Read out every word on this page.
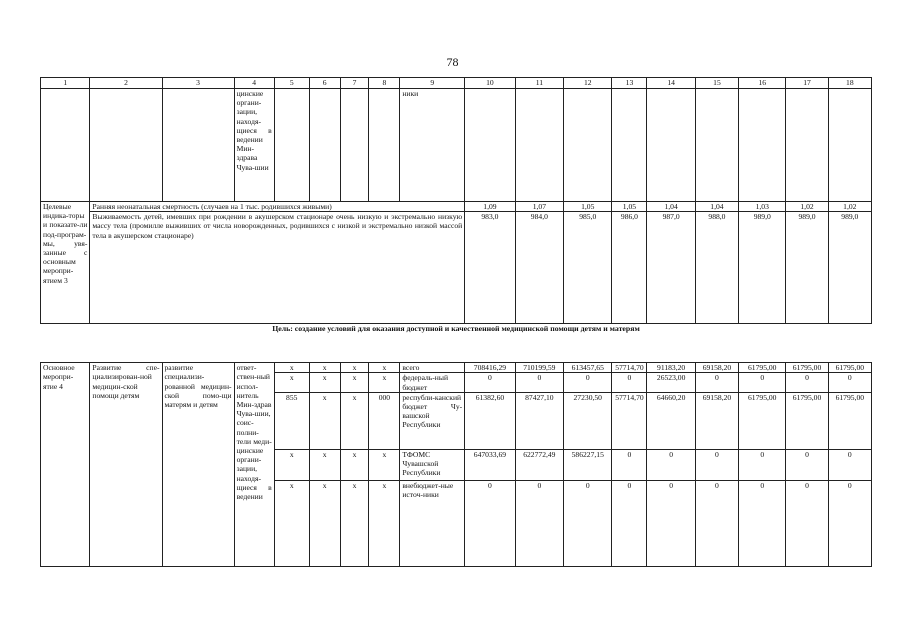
78
1	2	3	4	5	6	7	8	9	10	11	12	13	14	15	16	17	18
			цинские органи-зации, находя-щиеся в ведении Мин-здрава Чува-шии					ники									
Целевые индика-торы и показате-ли под-програм-мы, увя-занные с основным меропри-ятием 3	Ранняя неонатальная смертность (случаев на 1 тыс. родившихся живыми)								1,09	1,07	1,05	1,05	1,04	1,04	1,03	1,02	1,02
	Выживаемость детей, имевших при рождении в акушерском стационаре очень низкую и экстремально низкую массу тела (промилле выживших от числа новорожденных, родившихся с низкой и экстремально низкой массой тела в акушерском стационаре)								983,0	984,0	985,0	986,0	987,0	988,0	989,0	989,0	989,0
Цель: создание условий для оказания доступной и качественной медицинской помощи детям и матерям																	
Основное меропри-ятие 4	Развитие спе-циализирован-ной медицин-ской помощи детям	развитие специализи-рованной медицин-ской помо-щи матерям и детям	ответ-ствен-ный испол-нитель Мин-здрав Чува-шии, соис-полни-тели меди-цинские органи-зации, находя-щиеся в ведении	x	x	x	x	всего	708416,29	710199,59	613457,65	57714,70	91183,20	69158,20	61795,00	61795,00	61795,00
				x	x	x	x	федераль-ный бюджет	0	0	0	0	26523,00	0	0	0	0
				855	x	x	000	республи-канский бюджет Чу-вашской Республики	61382,60	87427,10	27230,50	57714,70	64660,20	69158,20	61795,00	61795,00	61795,00
				x	x	x	x	ТФОМС Чувашской Республики	647033,69	622772,49	586227,15	0	0	0	0	0	0
				x	x	x	x	внебюджет-ные источ-ники	0	0	0	0	0	0	0	0	0
